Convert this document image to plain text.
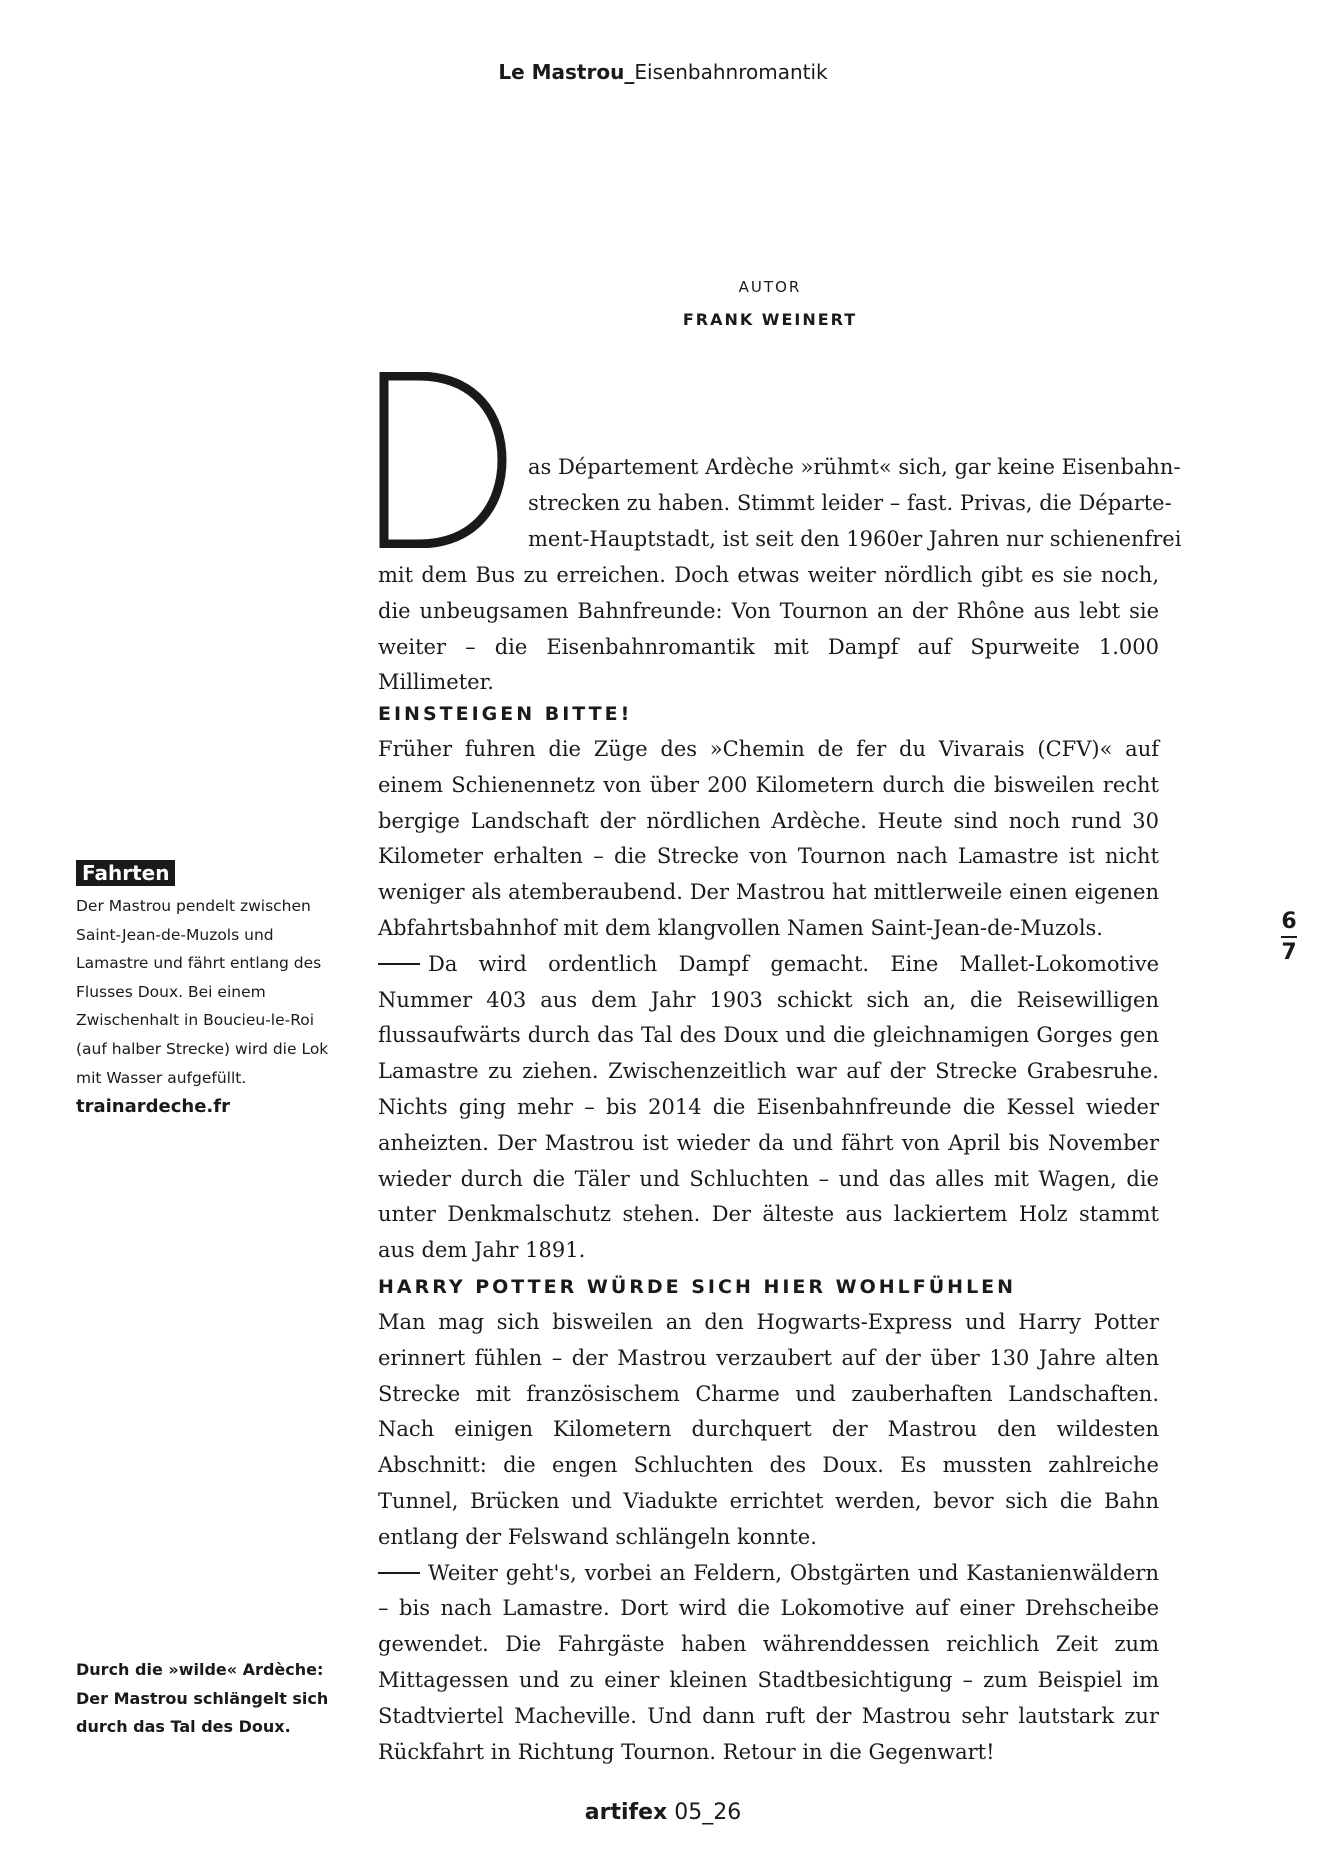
Le Mastrou_Eisenbahnromantik
AUTOR
FRANK WEINERT
D
as Département Ardèche »rühmt« sich, gar keine Eisenbahn-
strecken zu haben. Stimmt leider – fast. Privas, die Départe-
ment-Hauptstadt, ist seit den 1960er Jahren nur schienenfrei
mit dem Bus zu erreichen. Doch etwas weiter nördlich gibt es sie noch, die unbeugsamen Bahnfreunde: Von Tournon an der Rhône aus lebt sie weiter – die Eisenbahnromantik mit Dampf auf Spurweite 1.000 Millimeter.
EINSTEIGEN BITTE!

Früher fuhren die Züge des »Chemin de fer du Vivarais (CFV)« auf einem Schienennetz von über 200 Kilometern durch die bisweilen recht bergige Landschaft der nördlichen Ardèche. Heute sind noch rund 30 Kilometer erhalten – die Strecke von Tournon nach Lamastre ist nicht weniger als atemberaubend. Der Mastrou hat mittlerweile einen eigenen Abfahrtsbahnhof mit dem klangvollen Namen Saint-Jean-de-Muzols.

Da wird ordentlich Dampf gemacht. Eine Mallet-Lokomotive Nummer 403 aus dem Jahr 1903 schickt sich an, die Reisewilligen flussaufwärts durch das Tal des Doux und die gleichnamigen Gorges gen Lamastre zu ziehen. Zwischenzeitlich war auf der Strecke Grabesruhe. Nichts ging mehr – bis 2014 die Eisenbahnfreunde die Kessel wieder anheizten. Der Mastrou ist wieder da und fährt von April bis November wieder durch die Täler und Schluchten – und das alles mit Wagen, die unter Denkmalschutz stehen. Der älteste aus lackiertem Holz stammt aus dem Jahr 1891.

HARRY POTTER WÜRDE SICH HIER WOHLFÜHLEN

Man mag sich bisweilen an den Hogwarts-Express und Harry Potter erinnert fühlen – der Mastrou verzaubert auf der über 130 Jahre alten Strecke mit französischem Charme und zauberhaften Landschaften. Nach einigen Kilometern durchquert der Mastrou den wildesten Abschnitt: die engen Schluchten des Doux. Es mussten zahlreiche Tunnel, Brücken und Viadukte errichtet werden, bevor sich die Bahn entlang der Felswand schlängeln konnte.

Weiter geht's, vorbei an Feldern, Obstgärten und Kastanienwäldern – bis nach Lamastre. Dort wird die Lokomotive auf einer Drehscheibe gewendet. Die Fahrgäste haben währenddessen reichlich Zeit zum Mittagessen und zu einer kleinen Stadtbesichtigung – zum Beispiel im Stadtviertel Macheville. Und dann ruft der Mastrou sehr lautstark zur Rückfahrt in Richtung Tournon. Retour in die Gegenwart!

Fahrten
Der Mastrou pendelt zwischen Saint-Jean-de-Muzols und Lamastre und fährt entlang des Flusses Doux. Bei einem Zwischenhalt in Boucieu-le-Roi (auf halber Strecke) wird die Lok mit Wasser aufgefüllt.
trainardeche.fr
Durch die »wilde« Ardèche: Der Mastrou schlängelt sich durch das Tal des Doux.
6
7
artifex 05_26
